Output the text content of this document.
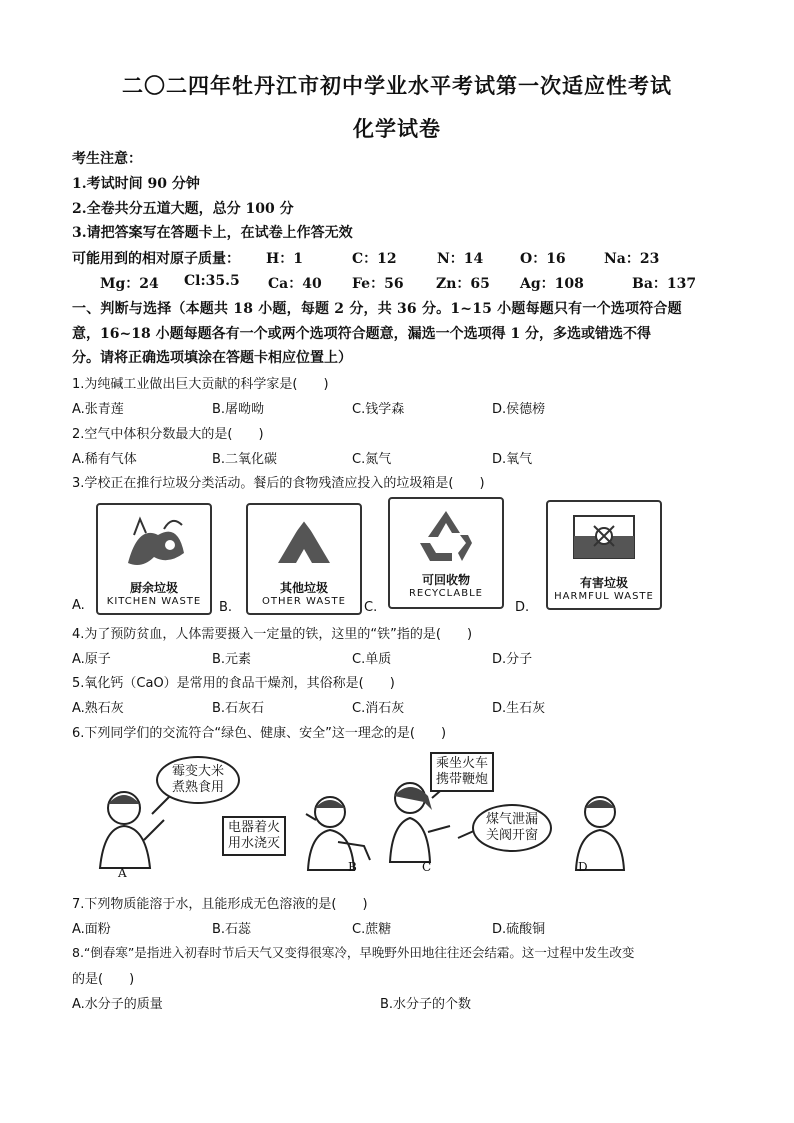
二〇二四年牡丹江市初中学业水平考试第一次适应性考试
化学试卷
考生注意：
1.考试时间 90 分钟
2.全卷共分五道大题，总分 100 分
3.请把答案写在答题卡上，在试卷上作答无效
可能用到的相对原子质量： H：1	C：12	N：14	O：16	Na：23
Mg：24 Cl:35.5 Ca：40 Fe：56 Zn：65 Ag：108	Ba：137
一、判断与选择（本题共 18 小题，每题 2 分，共 36 分。1~15 小题每题只有一个选项符合题
意，16~18 小题每题各有一个或两个选项符合题意，漏选一个选项得 1 分，多选或错选不得
分。请将正确选项填涂在答题卡相应位置上）
1.为纯碱工业做出巨大贡献的科学家是(　　)
A.张青莲	B.屠呦呦	C.钱学森	D.侯德榜
2.空气中体积分数最大的是(　　)
A.稀有气体	B.二氧化碳	C.氮气	D.氧气
3.学校正在推行垃圾分类活动。餐后的食物残渣应投入的垃圾箱是(　　)
厨余垃圾
KITCHEN WASTE
A.
其他垃圾
OTHER WASTE
B.
可回收物
RECYCLABLE
C.
有害垃圾
HARMFUL WASTE
D.
4.为了预防贫血，人体需要摄入一定量的铁，这里的“铁”指的是(　　)
A.原子	B.元素	C.单质	D.分子
5.氧化钙（CaO）是常用的食品干燥剂，其俗称是(　　)
A.熟石灰	B.石灰石	C.消石灰	D.生石灰
6.下列同学们的交流符合“绿色、健康、安全”这一理念的是(　　)
霉变大米
煮熟食用
电器着火
用水浇灭
乘坐火车
携带鞭炮
煤气泄漏
关阀开窗
A	B	C	D
7.下列物质能溶于水，且能形成无色溶液的是(　　)
A.面粉	B.石蕊	C.蔗糖	D.硫酸铜
8.“倒春寒”是指进入初春时节后天气又变得很寒冷，早晚野外田地往往还会结霜。这一过程中发生改变
的是(　　)
A.水分子的质量	B.水分子的个数
